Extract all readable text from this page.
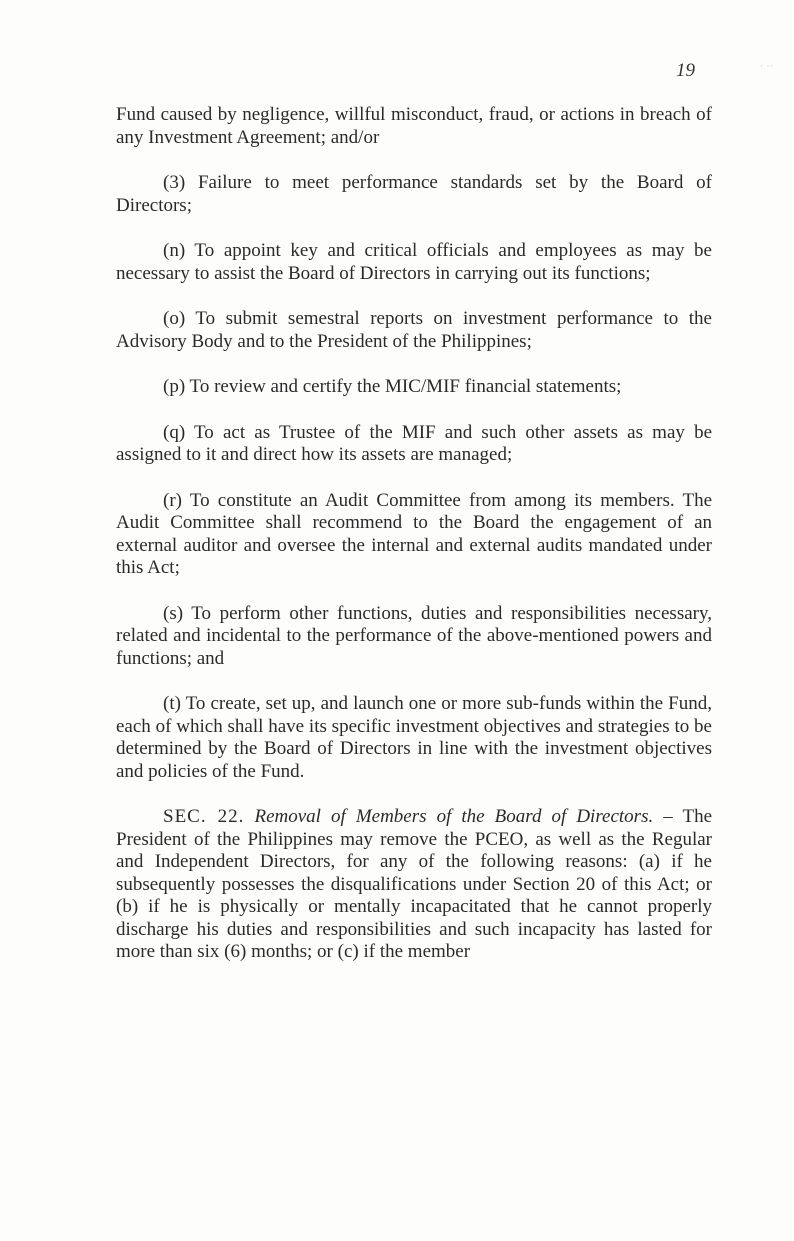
19	· ··

Fund caused by negligence, willful misconduct, fraud, or actions in breach of any Investment Agreement; and/or

(3) Failure to meet performance standards set by the Board of Directors;

(n) To appoint key and critical officials and employees as may be necessary to assist the Board of Directors in carrying out its functions;

(o) To submit semestral reports on investment performance to the Advisory Body and to the President of the Philippines;

(p) To review and certify the MIC/MIF financial statements;

(q) To act as Trustee of the MIF and such other assets as may be assigned to it and direct how its assets are managed;

(r) To constitute an Audit Committee from among its members. The Audit Committee shall recommend to the Board the engagement of an external auditor and oversee the internal and external audits mandated under this Act;

(s) To perform other functions, duties and responsibilities necessary, related and incidental to the performance of the above-mentioned powers and functions; and

(t) To create, set up, and launch one or more sub-funds within the Fund, each of which shall have its specific investment objectives and strategies to be determined by the Board of Directors in line with the investment objectives and policies of the Fund.

SEC. 22. Removal of Members of the Board of Directors. – The President of the Philippines may remove the PCEO, as well as the Regular and Independent Directors, for any of the following reasons: (a) if he subsequently possesses the disqualifications under Section 20 of this Act; or (b) if he is physically or mentally incapacitated that he cannot properly discharge his duties and responsibilities and such incapacity has lasted for more than six (6) months; or (c) if the member
